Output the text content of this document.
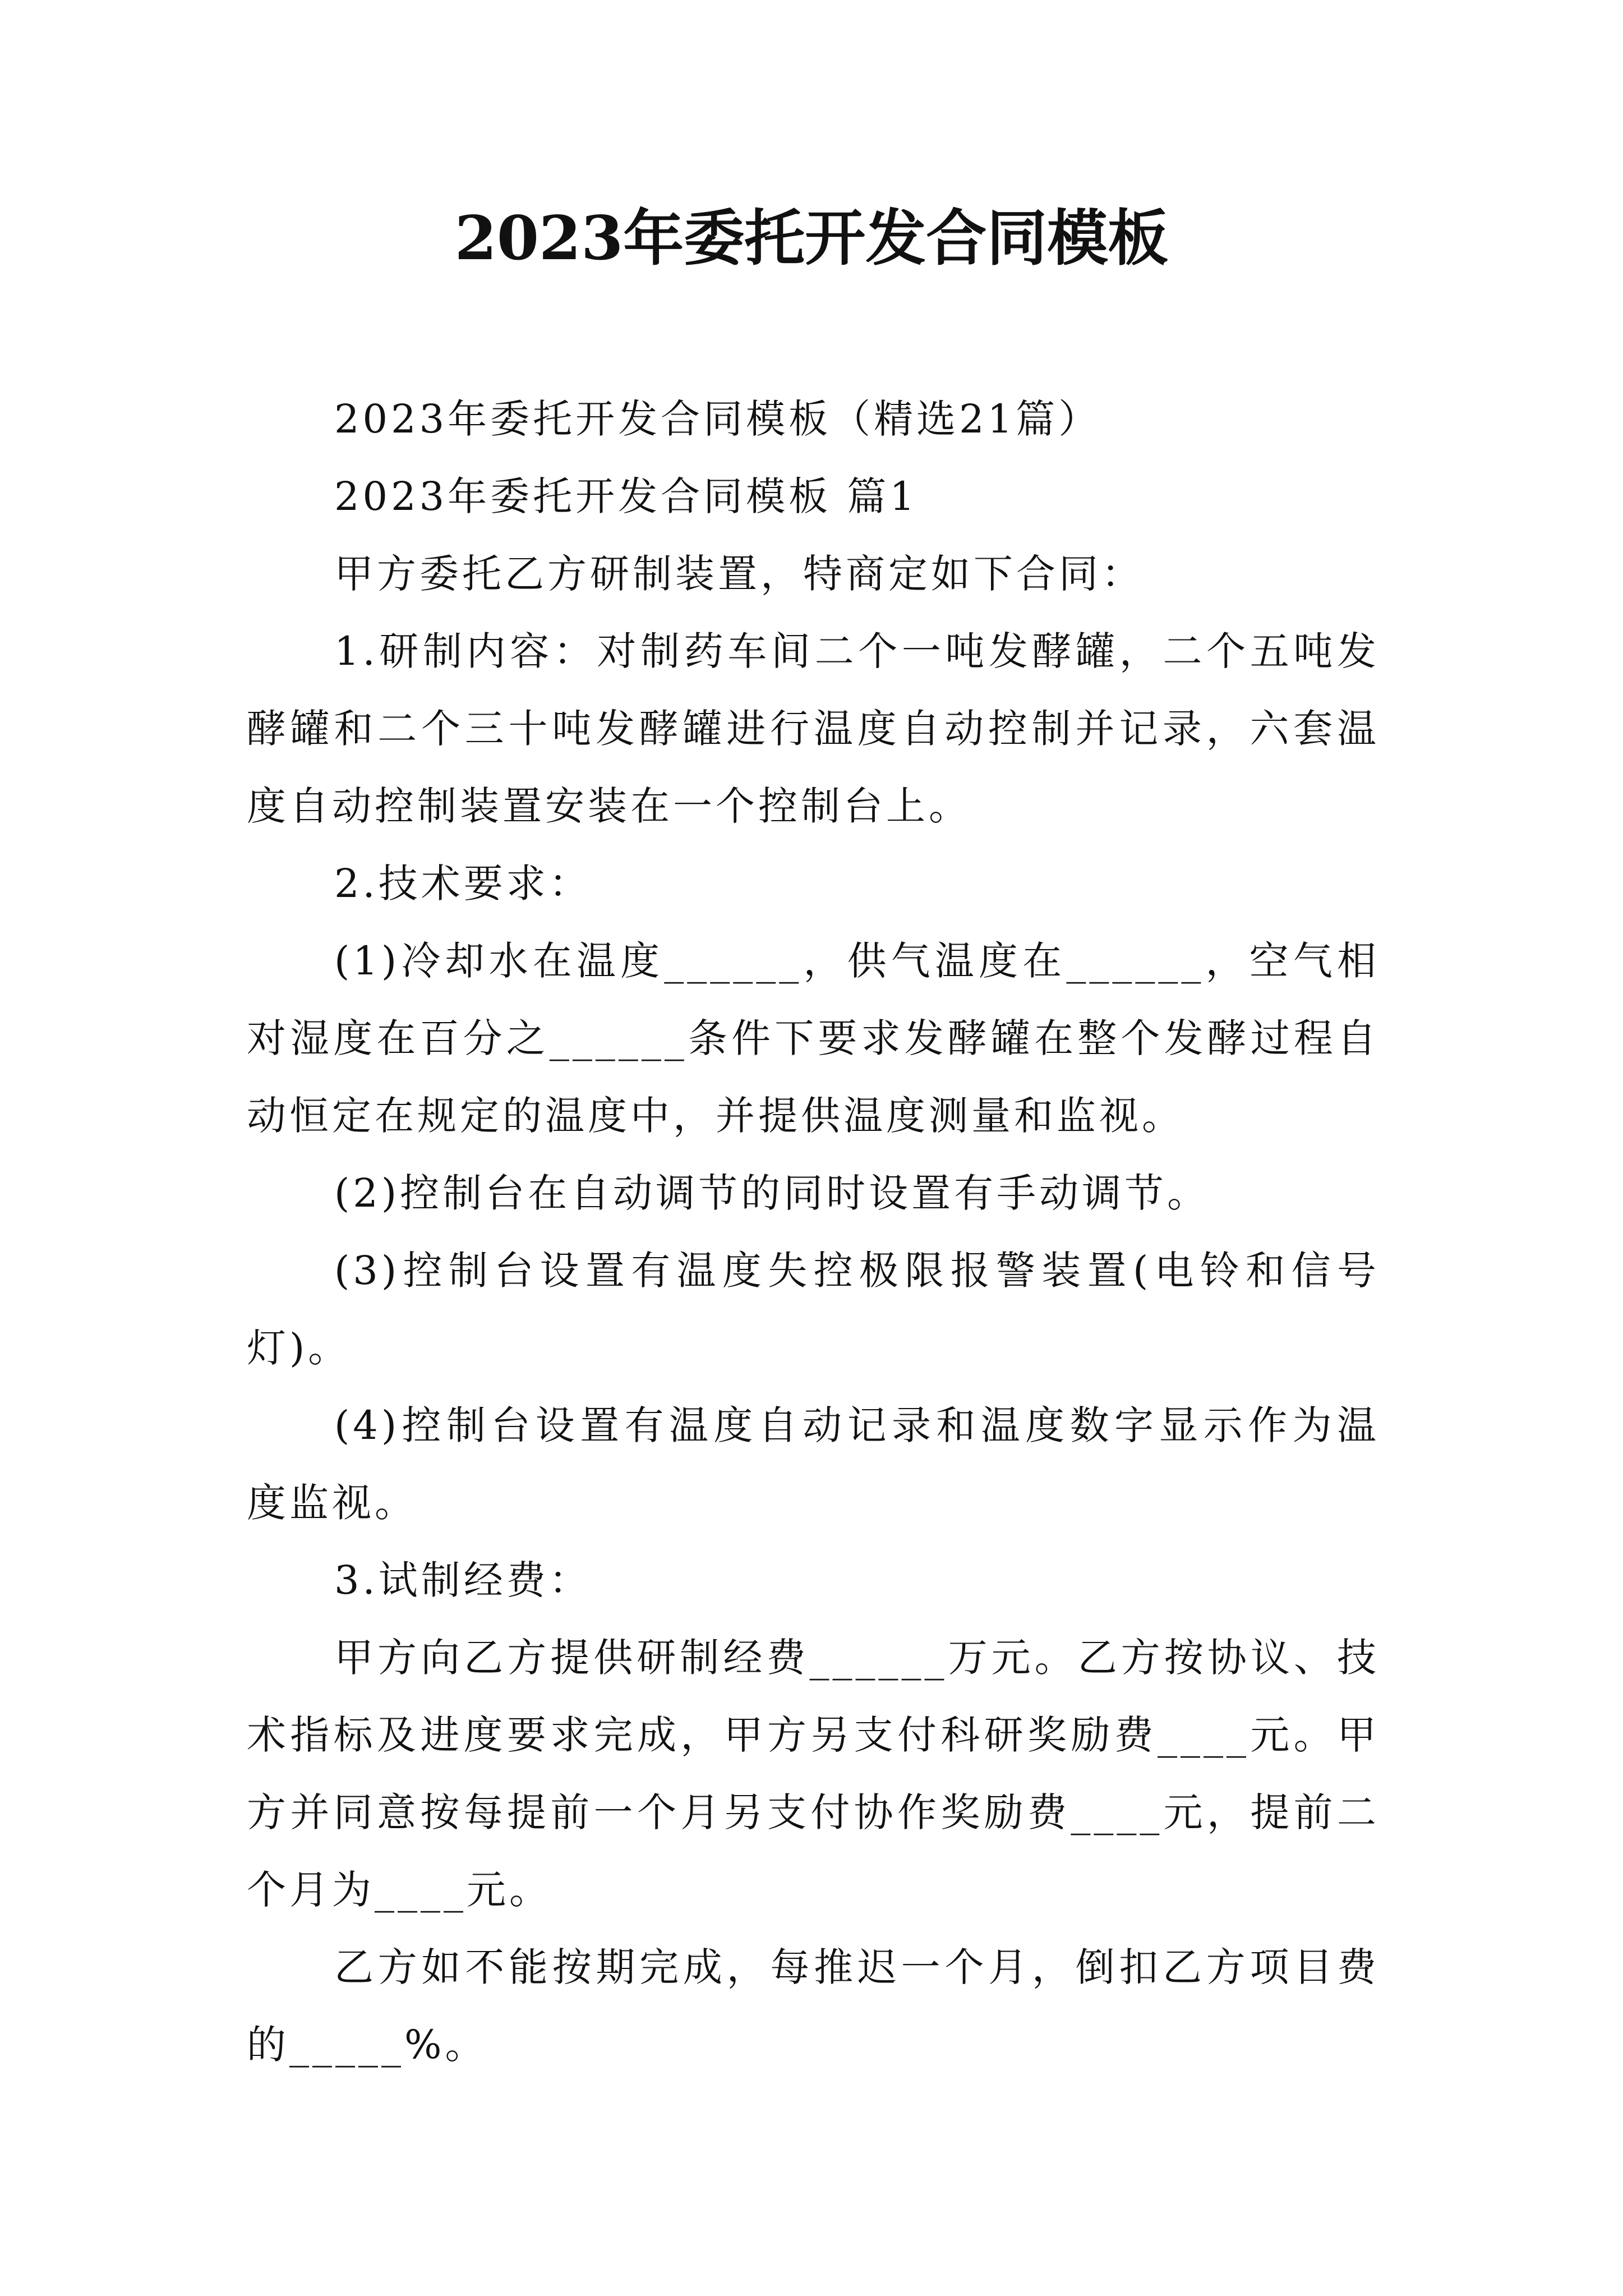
2023年委托开发合同模板

2023年委托开发合同模板（精选21篇）

2023年委托开发合同模板 篇1

甲方委托乙方研制装置，特商定如下合同：

1.研制内容：对制药车间二个一吨发酵罐，二个五吨发酵罐和二个三十吨发酵罐进行温度自动控制并记录，六套温度自动控制装置安装在一个控制台上。

2.技术要求：

(1)冷却水在温度______，供气温度在______，空气相对湿度在百分之______条件下要求发酵罐在整个发酵过程自动恒定在规定的温度中，并提供温度测量和监视。

(2)控制台在自动调节的同时设置有手动调节。

(3)控制台设置有温度失控极限报警装置(电铃和信号灯)。

(4)控制台设置有温度自动记录和温度数字显示作为温度监视。

3.试制经费：

甲方向乙方提供研制经费______万元。乙方按协议、技术指标及进度要求完成，甲方另支付科研奖励费____元。甲方并同意按每提前一个月另支付协作奖励费____元，提前二个月为____元。

乙方如不能按期完成，每推迟一个月，倒扣乙方项目费的_____%。
